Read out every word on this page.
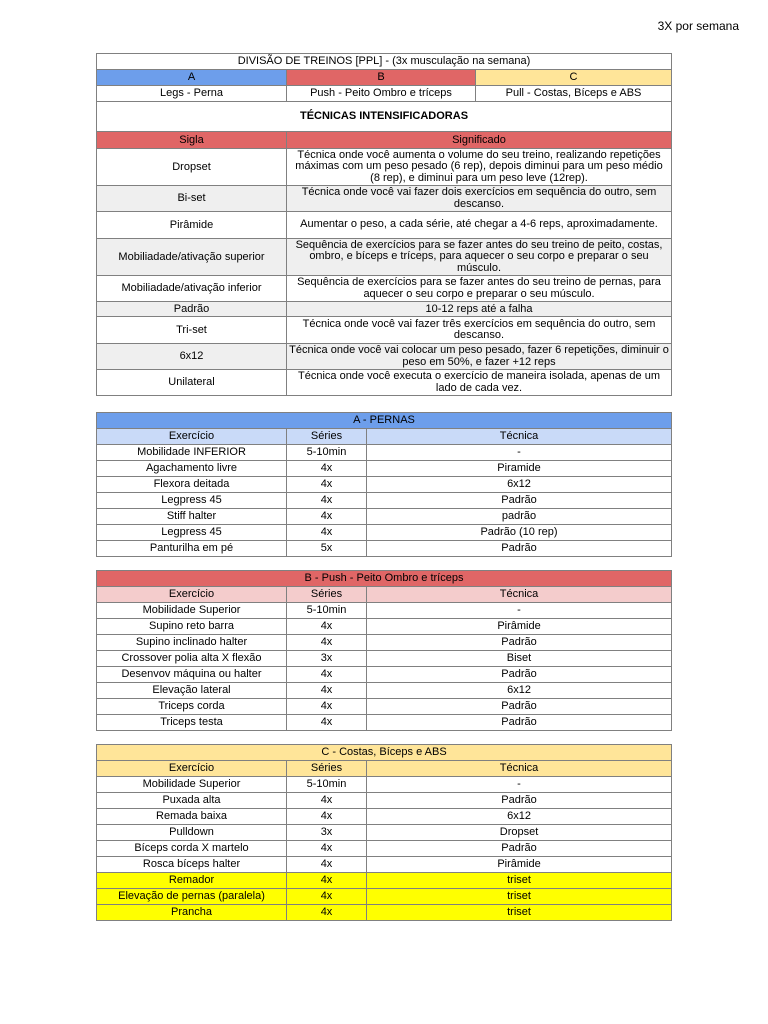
3X por semana
DIVISÃO DE TREINOS [PPL] - (3x musculação na semana)		
A	B	C
Legs - Perna	Push - Peito Ombro e tríceps	Pull - Costas, Bíceps e ABS
TÉCNICAS INTENSIFICADORAS		
Sigla	Significado	
Dropset	Técnica onde você aumenta o volume do seu treino, realizando repetições máximas com um peso pesado (6 rep), depois diminui para um peso médio (8 rep), e diminui para um peso leve (12rep).	
Bi-set	Técnica onde você vai fazer dois exercícios em sequência do outro, sem descanso.	
Pirâmide	Aumentar o peso, a cada série, até chegar a 4-6 reps, aproximadamente.	
Mobiliadade/ativação superior	Sequência de exercícios para se fazer antes do seu treino de peito, costas, ombro, e bíceps e tríceps, para aquecer o seu corpo e preparar o seu músculo.	
Mobiliadade/ativação inferior	Sequência de exercícios para se fazer antes do seu treino de pernas, para aquecer o seu corpo e preparar o seu músculo.	
Padrão	10-12 reps até a falha	
Tri-set	Técnica onde você vai fazer três exercícios em sequência do outro, sem descanso.	
6x12	Técnica onde você vai colocar um peso pesado, fazer 6 repetições, diminuir o peso em 50%, e fazer +12 reps	
Unilateral	Técnica onde você executa o exercício de maneira isolada, apenas de um lado de cada vez.	
A - PERNAS		
Exercício	Séries	Técnica
Mobilidade INFERIOR	5-10min	-
Agachamento livre	4x	Piramide
Flexora deitada	4x	6x12
Legpress 45	4x	Padrão
Stiff halter	4x	padrão
Legpress 45	4x	Padrão (10 rep)
Panturilha em pé	5x	Padrão
B - Push - Peito Ombro e tríceps		
Exercício	Séries	Técnica
Mobilidade Superior	5-10min	-
Supino reto barra	4x	Pirâmide
Supino inclinado halter	4x	Padrão
Crossover polia alta X flexão	3x	Biset
Desenvov máquina ou halter	4x	Padrão
Elevação lateral	4x	6x12
Triceps corda	4x	Padrão
Triceps testa	4x	Padrão
C - Costas, Bíceps e ABS		
Exercício	Séries	Técnica
Mobilidade Superior	5-10min	-
Puxada alta	4x	Padrão
Remada baixa	4x	6x12
Pulldown	3x	Dropset
Bíceps corda X martelo	4x	Padrão
Rosca bíceps halter	4x	Pirâmide
Remador	4x	triset
Elevação de pernas (paralela)	4x	triset
Prancha	4x	triset
